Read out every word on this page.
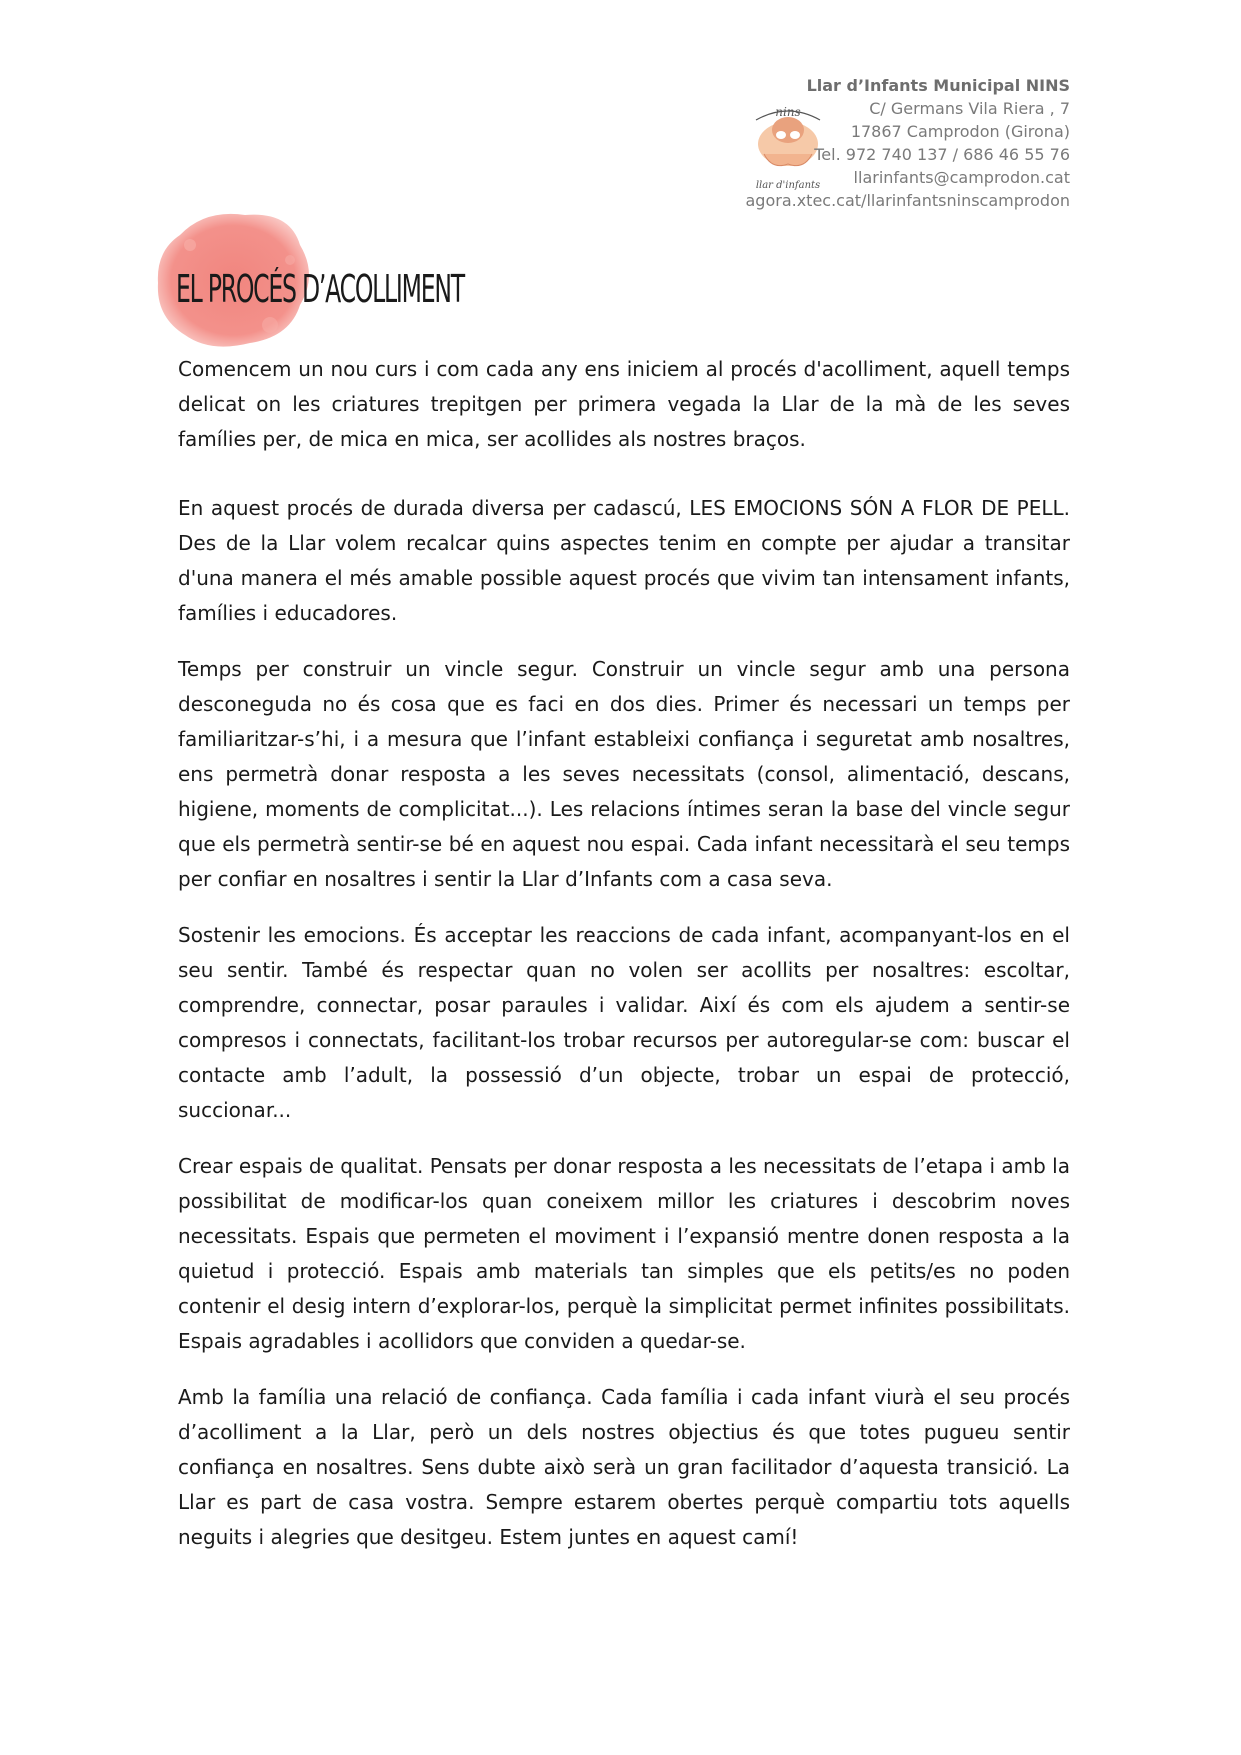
nins
llar d'infants
Llar d’Infants Municipal NINS
C/ Germans Vila Riera , 7
17867 Camprodon (Girona)
Tel. 972 740 137 / 686 46 55 76
llarinfants@camprodon.cat
agora.xtec.cat/llarinfantsninscamprodon
EL PROCÉS D’ACOLLIMENT

Comencem un nou curs i com cada any ens iniciem al procés d'acolliment, aquell temps delicat on les criatures trepitgen per primera vegada la Llar de la mà de les seves famílies per, de mica en mica, ser acollides als nostres braços.

En aquest procés de durada diversa per cadascú, LES EMOCIONS SÓN A FLOR DE PELL. Des de la Llar volem recalcar quins aspectes tenim en compte per ajudar a transitar d'una manera el més amable possible aquest procés que vivim tan intensament infants, famílies i educadores.

Temps per construir un vincle segur. Construir un vincle segur amb una persona desconeguda no és cosa que es faci en dos dies. Primer és necessari un temps per familiaritzar-s’hi, i a mesura que l’infant estableixi confiança i seguretat amb nosaltres, ens permetrà donar resposta a les seves necessitats (consol, alimentació, descans, higiene, moments de complicitat...). Les relacions íntimes seran la base del vincle segur que els permetrà sentir-se bé en aquest nou espai. Cada infant necessitarà el seu temps per confiar en nosaltres i sentir la Llar d’Infants com a casa seva.

Sostenir les emocions. És acceptar les reaccions de cada infant, acompanyant-los en el seu sentir. També és respectar quan no volen ser acollits per nosaltres: escoltar, comprendre, connectar, posar paraules i validar. Així és com els ajudem a sentir-se compresos i connectats, facilitant-los trobar recursos per autoregular-se com: buscar el contacte amb l’adult, la possessió d’un objecte, trobar un espai de protecció, succionar...

Crear espais de qualitat. Pensats per donar resposta a les necessitats de l’etapa i amb la possibilitat de modificar-los quan coneixem millor les criatures i descobrim noves necessitats. Espais que permeten el moviment i l’expansió mentre donen resposta a la quietud i protecció. Espais amb materials tan simples que els petits/es no poden contenir el desig intern d’explorar-los, perquè la simplicitat permet infinites possibilitats. Espais agradables i acollidors que conviden a quedar-se.

Amb la família una relació de confiança. Cada família i cada infant viurà el seu procés d’acolliment a la Llar, però un dels nostres objectius és que totes pugueu sentir confiança en nosaltres. Sens dubte això serà un gran facilitador d’aquesta transició. La Llar es part de casa vostra. Sempre estarem obertes perquè compartiu tots aquells neguits i alegries que desitgeu. Estem juntes en aquest camí!
